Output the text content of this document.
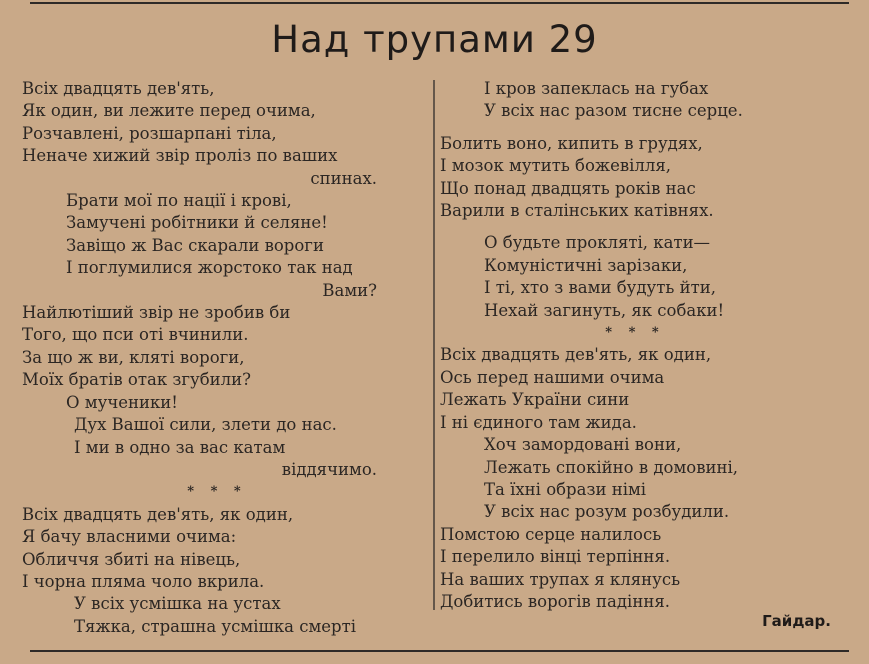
Над трупами 29
Всіх двадцять дев'ять,
Як один, ви лежите перед очима,
Розчавлені, розшарпані тіла,
Неначе хижий звір проліз по ваших
спинах.
Брати мої по нації і крові,
Замучені робітники й селяне!
Завіщо ж Вас скарали вороги
І поглумилися жорстоко так над
Вами?
Найлютіший звір не зробив би
Того, що пси оті вчинили.
За що ж ви, кляті вороги,
Моїх братів отак згубили?
О мученики!
Дух Вашої сили, злети до нас.
І ми в одно за вас катам
віддячимо.
* * *
Всіх двадцять дев'ять, як один,
Я бачу власними очима:
Обличчя збиті на нівець,
І чорна пляма чоло вкрила.
У всіх усмішка на устах
Тяжка, страшна усмішка смерті
І кров запеклась на губах
У всіх нас разом тисне серце.
Болить воно, кипить в грудях,
І мозок мутить божевілля,
Що понад двадцять років нас
Варили в сталінських катівнях.
О будьте прокляті, кати—
Комуністичні зарізаки,
І ті, хто з вами будуть йти,
Нехай загинуть, як собаки!
* * *
Всіх двадцять дев'ять, як один,
Ось перед нашими очима
Лежать України сини
І ні єдиного там жида.
Хоч замордовані вони,
Лежать спокійно в домовині,
Та їхні образи німі
У всіх нас розум розбудили.
Помстою серце налилось
І перелило вінці терпіння.
На ваших трупах я клянусь
Добитись ворогів падіння.
Гайдар.
